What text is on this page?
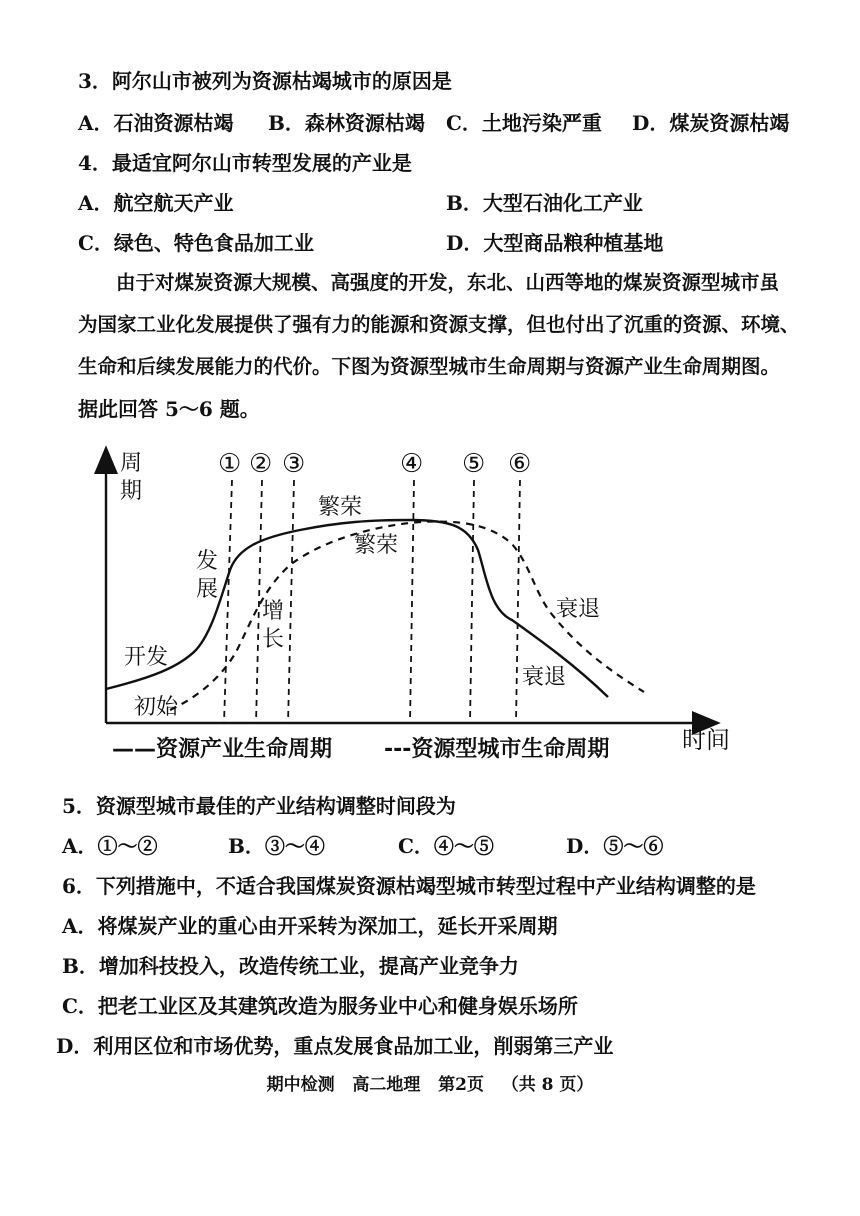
3．阿尔山市被列为资源枯竭城市的原因是
A．石油资源枯竭 B．森林资源枯竭 C．土地污染严重 D．煤炭资源枯竭
4．最适宜阿尔山市转型发展的产业是
A．航空航天产业	B．大型石油化工产业
C．绿色、特色食品加工业	D．大型商品粮种植基地
由于对煤炭资源大规模、高强度的开发，东北、山西等地的煤炭资源型城市虽
为国家工业化发展提供了强有力的能源和资源支撑，但也付出了沉重的资源、环境、
生命和后续发展能力的代价。下图为资源型城市生命周期与资源产业生命周期图。
据此回答 5～6 题。
周期
时间
① ② ③	④ ⑤ ⑥
开发
发
展
繁荣
衰退
初始
增
长
繁荣
衰退
——资源产业生命周期 ---资源型城市生命周期
5．资源型城市最佳的产业结构调整时间段为
A．①～②	B．③～④	C．④～⑤	D．⑤～⑥
6．下列措施中，不适合我国煤炭资源枯竭型城市转型过程中产业结构调整的是
A．将煤炭产业的重心由开采转为深加工，延长开采周期
B．增加科技投入，改造传统工业，提高产业竞争力
C．把老工业区及其建筑改造为服务业中心和健身娱乐场所
D．利用区位和市场优势，重点发展食品加工业，削弱第三产业
期中检测   高二地理   第2页   （共 8 页）
